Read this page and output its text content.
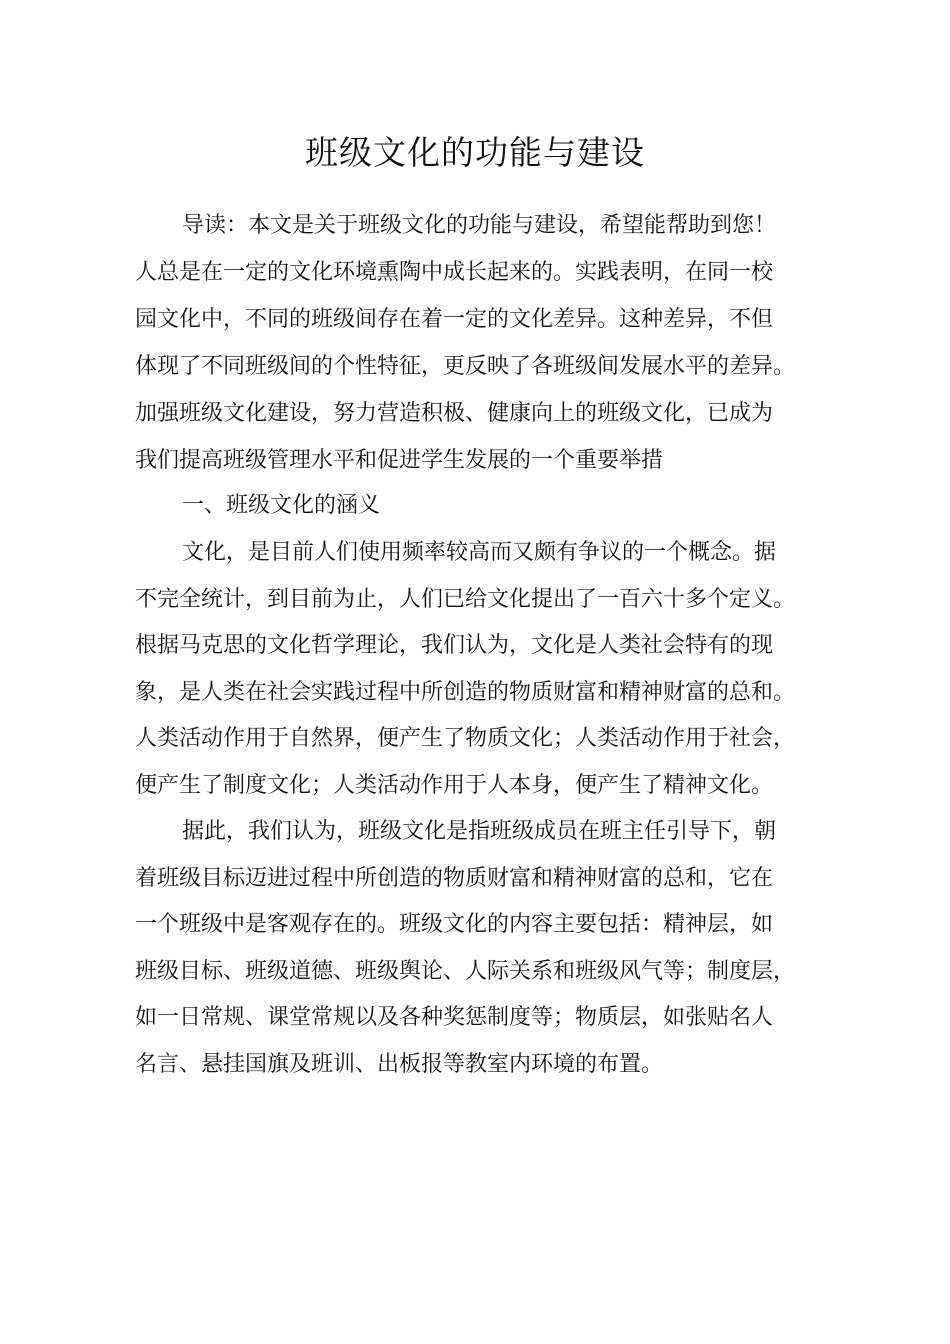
班级文化的功能与建设

导读：本文是关于班级文化的功能与建设，希望能帮助到您！

人总是在一定的文化环境熏陶中成长起来的。实践表明，在同一校

园文化中，不同的班级间存在着一定的文化差异。这种差异，不但

体现了不同班级间的个性特征，更反映了各班级间发展水平的差异。

加强班级文化建设，努力营造积极、健康向上的班级文化，已成为

我们提高班级管理水平和促进学生发展的一个重要举措

一、班级文化的涵义

文化，是目前人们使用频率较高而又颇有争议的一个概念。据

不完全统计，到目前为止，人们已给文化提出了一百六十多个定义。

根据马克思的文化哲学理论，我们认为，文化是人类社会特有的现

象，是人类在社会实践过程中所创造的物质财富和精神财富的总和。

人类活动作用于自然界，便产生了物质文化；人类活动作用于社会，

便产生了制度文化；人类活动作用于人本身，便产生了精神文化。

据此，我们认为，班级文化是指班级成员在班主任引导下，朝

着班级目标迈进过程中所创造的物质财富和精神财富的总和，它在

一个班级中是客观存在的。班级文化的内容主要包括：精神层，如

班级目标、班级道德、班级舆论、人际关系和班级风气等；制度层，

如一日常规、课堂常规以及各种奖惩制度等；物质层，如张贴名人

名言、悬挂国旗及班训、出板报等教室内环境的布置。
